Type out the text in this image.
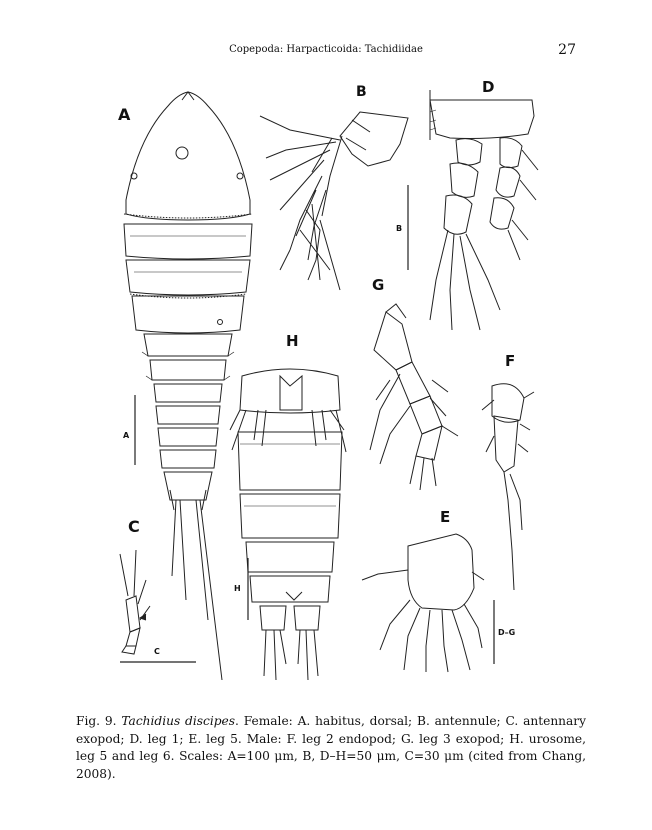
Copepoda: Harpacticoida: Tachidiidae	27
A
B
C
D
E
F
G
H
A
B
C
H
D–G
Fig. 9. Tachidius discipes. Female: A. habitus, dorsal; B. antennule; C. antennary exopod; D. leg 1; E. leg 5. Male: F. leg 2 endopod; G. leg 3 exopod; H. urosome, leg 5 and leg 6. Scales: A=100 μm, B, D–H=50 μm, C=30 μm (cited from Chang, 2008).
